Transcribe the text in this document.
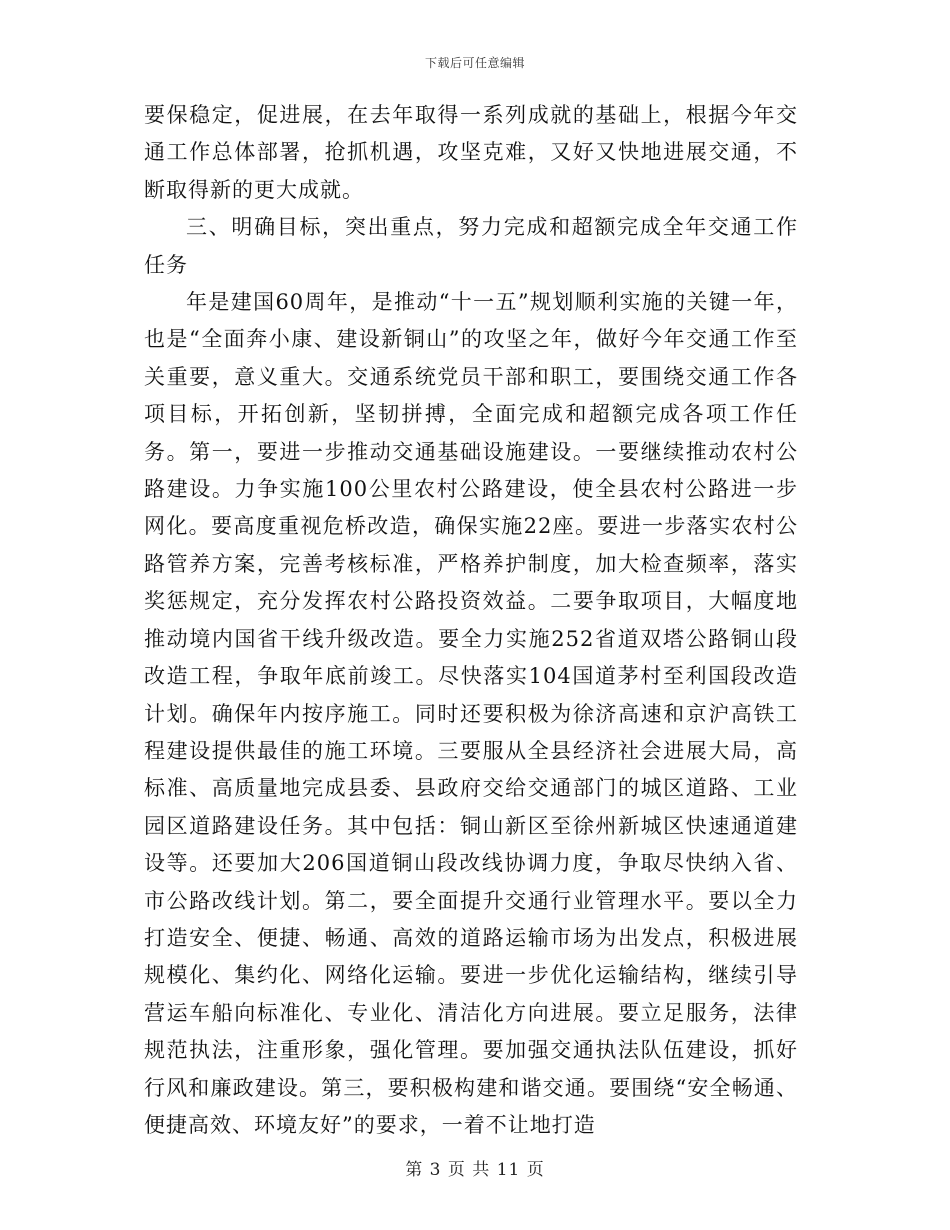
下载后可任意编辑

要保稳定，促进展，在去年取得一系列成就的基础上，根据今年交通工作总体部署，抢抓机遇，攻坚克难，又好又快地进展交通，不断取得新的更大成就。

三、明确目标，突出重点，努力完成和超额完成全年交通工作任务

年是建国60周年，是推动“十一五”规划顺利实施的关键一年，也是“全面奔小康、建设新铜山”的攻坚之年，做好今年交通工作至关重要，意义重大。交通系统党员干部和职工，要围绕交通工作各项目标，开拓创新，坚韧拼搏，全面完成和超额完成各项工作任务。第一，要进一步推动交通基础设施建设。一要继续推动农村公路建设。力争实施100公里农村公路建设，使全县农村公路进一步网化。要高度重视危桥改造，确保实施22座。要进一步落实农村公路管养方案，完善考核标准，严格养护制度，加大检查频率，落实奖惩规定，充分发挥农村公路投资效益。二要争取项目，大幅度地推动境内国省干线升级改造。要全力实施252省道双塔公路铜山段改造工程，争取年底前竣工。尽快落实104国道茅村至利国段改造计划。确保年内按序施工。同时还要积极为徐济高速和京沪高铁工程建设提供最佳的施工环境。三要服从全县经济社会进展大局，高标准、高质量地完成县委、县政府交给交通部门的城区道路、工业园区道路建设任务。其中包括：铜山新区至徐州新城区快速通道建设等。还要加大206国道铜山段改线协调力度，争取尽快纳入省、市公路改线计划。第二，要全面提升交通行业管理水平。要以全力打造安全、便捷、畅通、高效的道路运输市场为出发点，积极进展规模化、集约化、网络化运输。要进一步优化运输结构，继续引导营运车船向标准化、专业化、清洁化方向进展。要立足服务，法律规范执法，注重形象，强化管理。要加强交通执法队伍建设，抓好行风和廉政建设。第三，要积极构建和谐交通。要围绕“安全畅通、便捷高效、环境友好”的要求，一着不让地打造

第 3 页 共 11 页
